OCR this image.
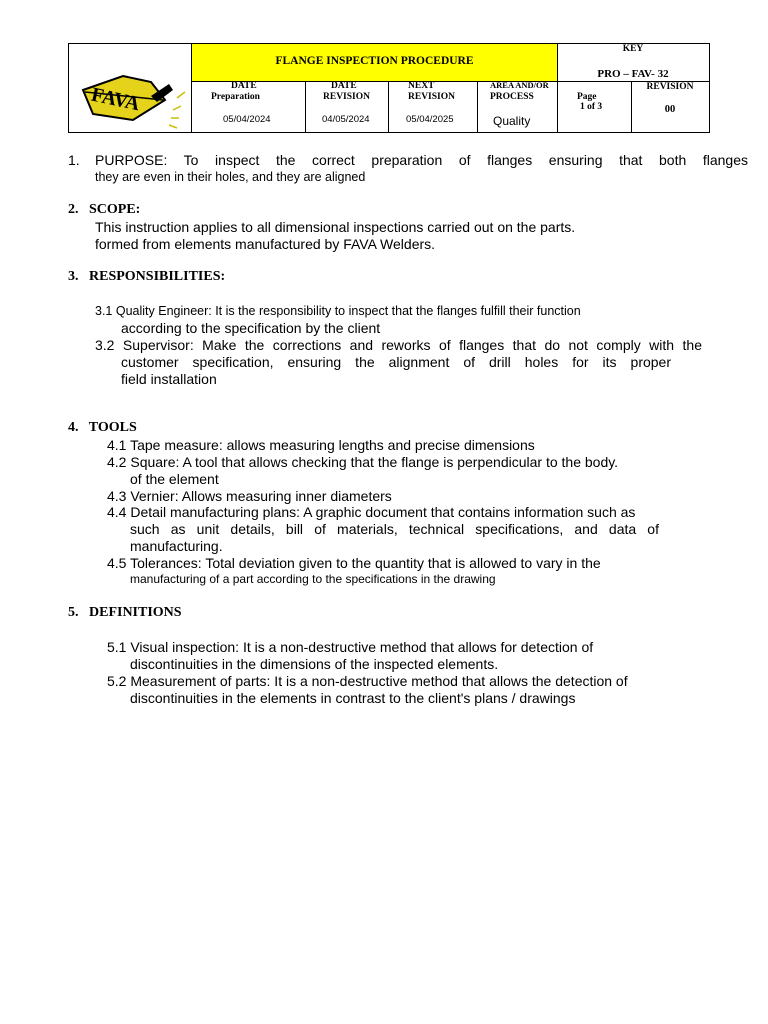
FAVA
FLANGE INSPECTION PROCEDURE
KEY
PRO – FAV- 32
DATE
Preparation
05/04/2024
DATE
REVISION
04/05/2024
NEXT
REVISION
05/04/2025
AREA AND/OR
PROCESS
Quality
Page
1 of 3
REVISION
00
1. PURPOSE: To inspect the correct preparation of flanges ensuring that both flanges
they are even in their holes, and they are aligned
2.   SCOPE:
This instruction applies to all dimensional inspections carried out on the parts.
formed from elements manufactured by FAVA Welders.
3.   RESPONSIBILITIES:
3.1 Quality Engineer: It is the responsibility to inspect that the flanges fulfill their function
according to the specification by the client
3.2 Supervisor: Make the corrections and reworks of flanges that do not comply with the
customer specification, ensuring the alignment of drill holes for its proper
field installation
4.   TOOLS
4.1 Tape measure: allows measuring lengths and precise dimensions
4.2 Square: A tool that allows checking that the flange is perpendicular to the body.
of the element
4.3 Vernier: Allows measuring inner diameters
4.4 Detail manufacturing plans: A graphic document that contains information such as
such as unit details, bill of materials, technical specifications, and data of
manufacturing.
4.5 Tolerances: Total deviation given to the quantity that is allowed to vary in the
manufacturing of a part according to the specifications in the drawing
5.   DEFINITIONS
5.1 Visual inspection: It is a non-destructive method that allows for detection of
discontinuities in the dimensions of the inspected elements.
5.2 Measurement of parts: It is a non-destructive method that allows the detection of
discontinuities in the elements in contrast to the client's plans / drawings
